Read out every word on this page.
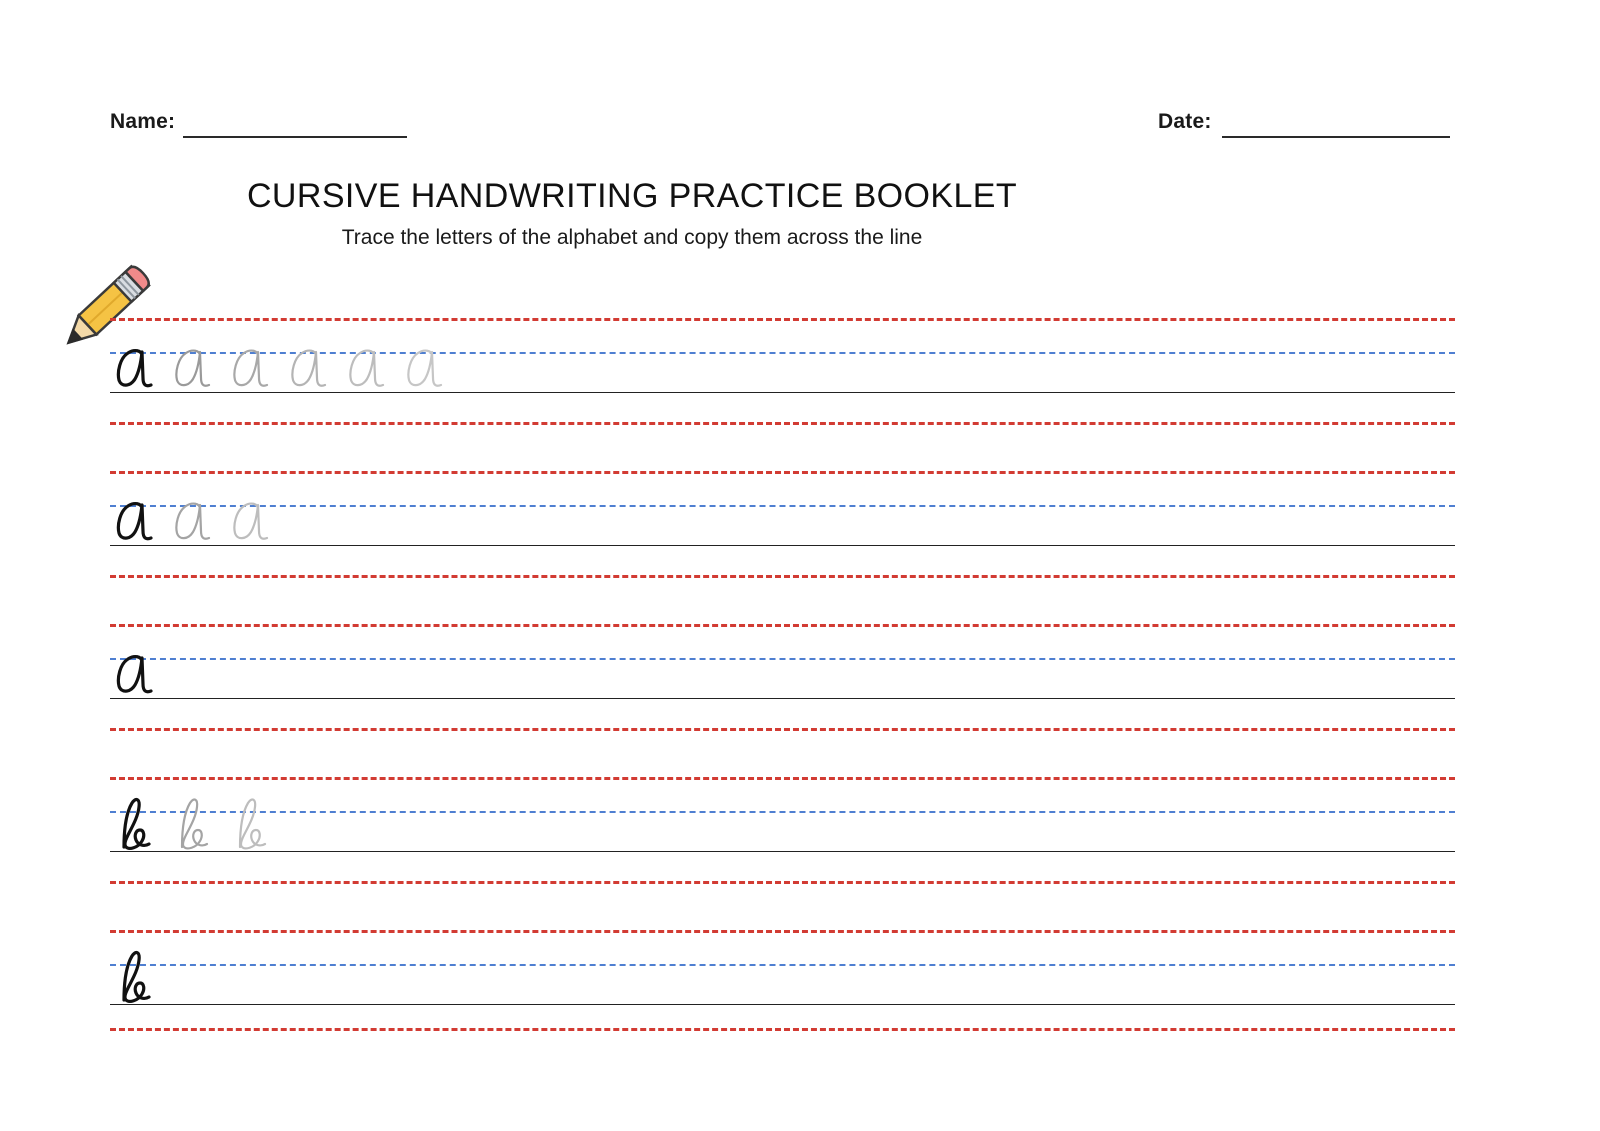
Name:	Date:
CURSIVE HANDWRITING PRACTICE BOOKLET

Trace the letters of the alphabet and copy them across the line
